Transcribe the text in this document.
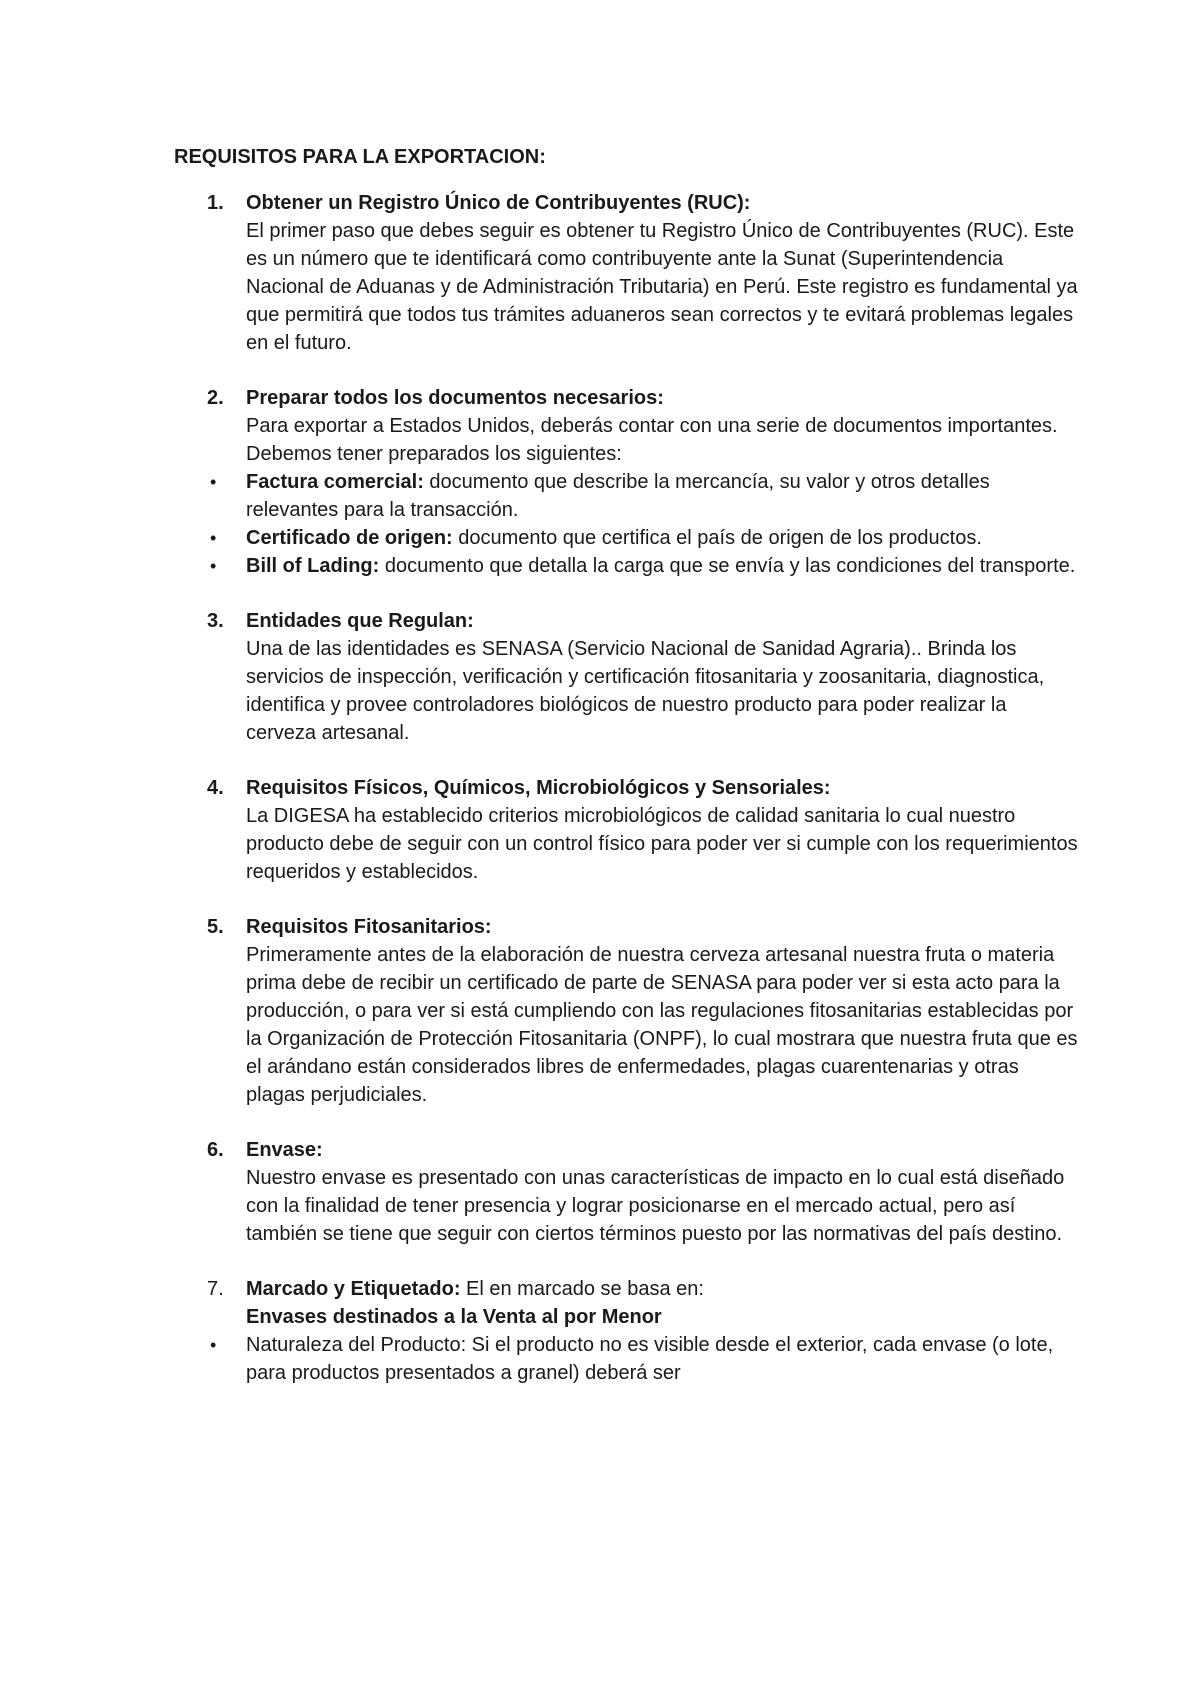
REQUISITOS PARA LA EXPORTACION:
1. Obtener un Registro Único de Contribuyentes (RUC):
El primer paso que debes seguir es obtener tu Registro Único de Contribuyentes (RUC). Este es un número que te identificará como contribuyente ante la Sunat (Superintendencia Nacional de Aduanas y de Administración Tributaria) en Perú. Este registro es fundamental ya que permitirá que todos tus trámites aduaneros sean correctos y te evitará problemas legales en el futuro.
2. Preparar todos los documentos necesarios:
Para exportar a Estados Unidos, deberás contar con una serie de documentos importantes. Debemos tener preparados los siguientes:
• Factura comercial: documento que describe la mercancía, su valor y otros detalles relevantes para la transacción.
• Certificado de origen: documento que certifica el país de origen de los productos.
• Bill of Lading: documento que detalla la carga que se envía y las condiciones del transporte.
3. Entidades que Regulan:
Una de las identidades es SENASA (Servicio Nacional de Sanidad Agraria).. Brinda los servicios de inspección, verificación y certificación fitosanitaria y zoosanitaria, diagnostica, identifica y provee controladores biológicos de nuestro producto para poder realizar la cerveza artesanal.
4. Requisitos Físicos, Químicos, Microbiológicos y Sensoriales:
La DIGESA ha establecido criterios microbiológicos de calidad sanitaria lo cual nuestro producto debe de seguir con un control físico para poder ver si cumple con los requerimientos requeridos y establecidos.
5. Requisitos Fitosanitarios:
Primeramente antes de la elaboración de nuestra cerveza artesanal nuestra fruta o materia prima debe de recibir un certificado de parte de SENASA para poder ver si esta acto para la producción, o para ver si está cumpliendo con las regulaciones fitosanitarias establecidas por la Organización de Protección Fitosanitaria (ONPF), lo cual mostrara que nuestra fruta que es el arándano están considerados libres de enfermedades, plagas cuarentenarias y otras plagas perjudiciales.
6. Envase:
Nuestro envase es presentado con unas características de impacto en lo cual está diseñado con la finalidad de tener presencia y lograr posicionarse en el mercado actual, pero así también se tiene que seguir con ciertos términos puesto por las normativas del país destino.
7. Marcado y Etiquetado: El en marcado se basa en:
Envases destinados a la Venta al por Menor
• Naturaleza del Producto: Si el producto no es visible desde el exterior, cada envase (o lote, para productos presentados a granel) deberá ser
